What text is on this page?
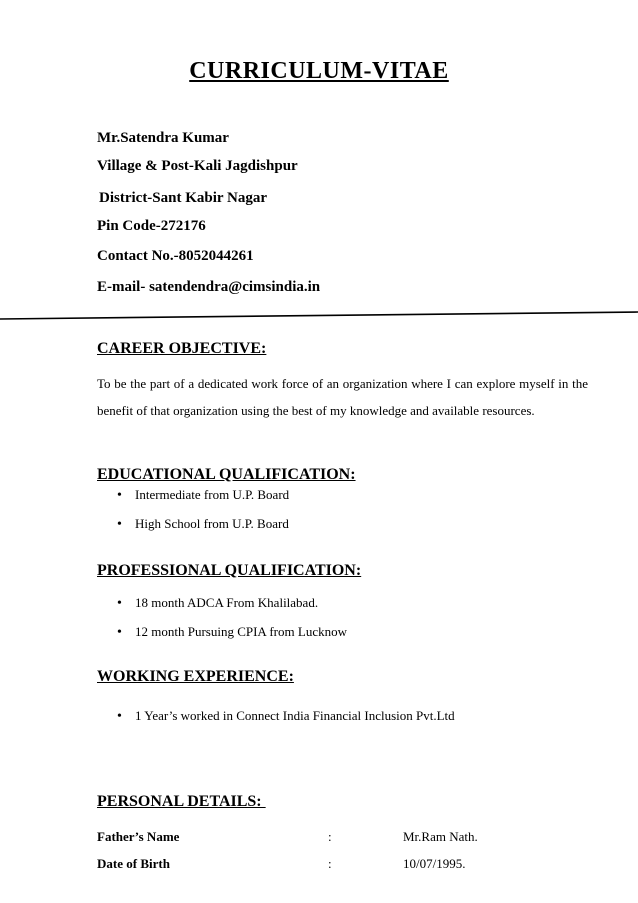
CURRICULUM-VITAE
Mr.Satendra Kumar
Village & Post-Kali Jagdishpur
District-Sant Kabir Nagar
Pin Code-272176
Contact No.-8052044261
E-mail- satendendra@cimsindia.in
CAREER OBJECTIVE:
To be the part of a dedicated work force of an organization where I can explore myself in the benefit of that organization using the best of my knowledge and available resources.
EDUCATIONAL QUALIFICATION:
• Intermediate from U.P. Board
• High School from U.P. Board
PROFESSIONAL QUALIFICATION:
• 18 month ADCA From Khalilabad.
• 12 month Pursuing CPIA from Lucknow
WORKING EXPERIENCE:
• 1 Year’s worked in Connect India Financial Inclusion Pvt.Ltd
PERSONAL DETAILS:
Father’s Name	:	Mr.Ram Nath.
Date of Birth	:	10/07/1995.
